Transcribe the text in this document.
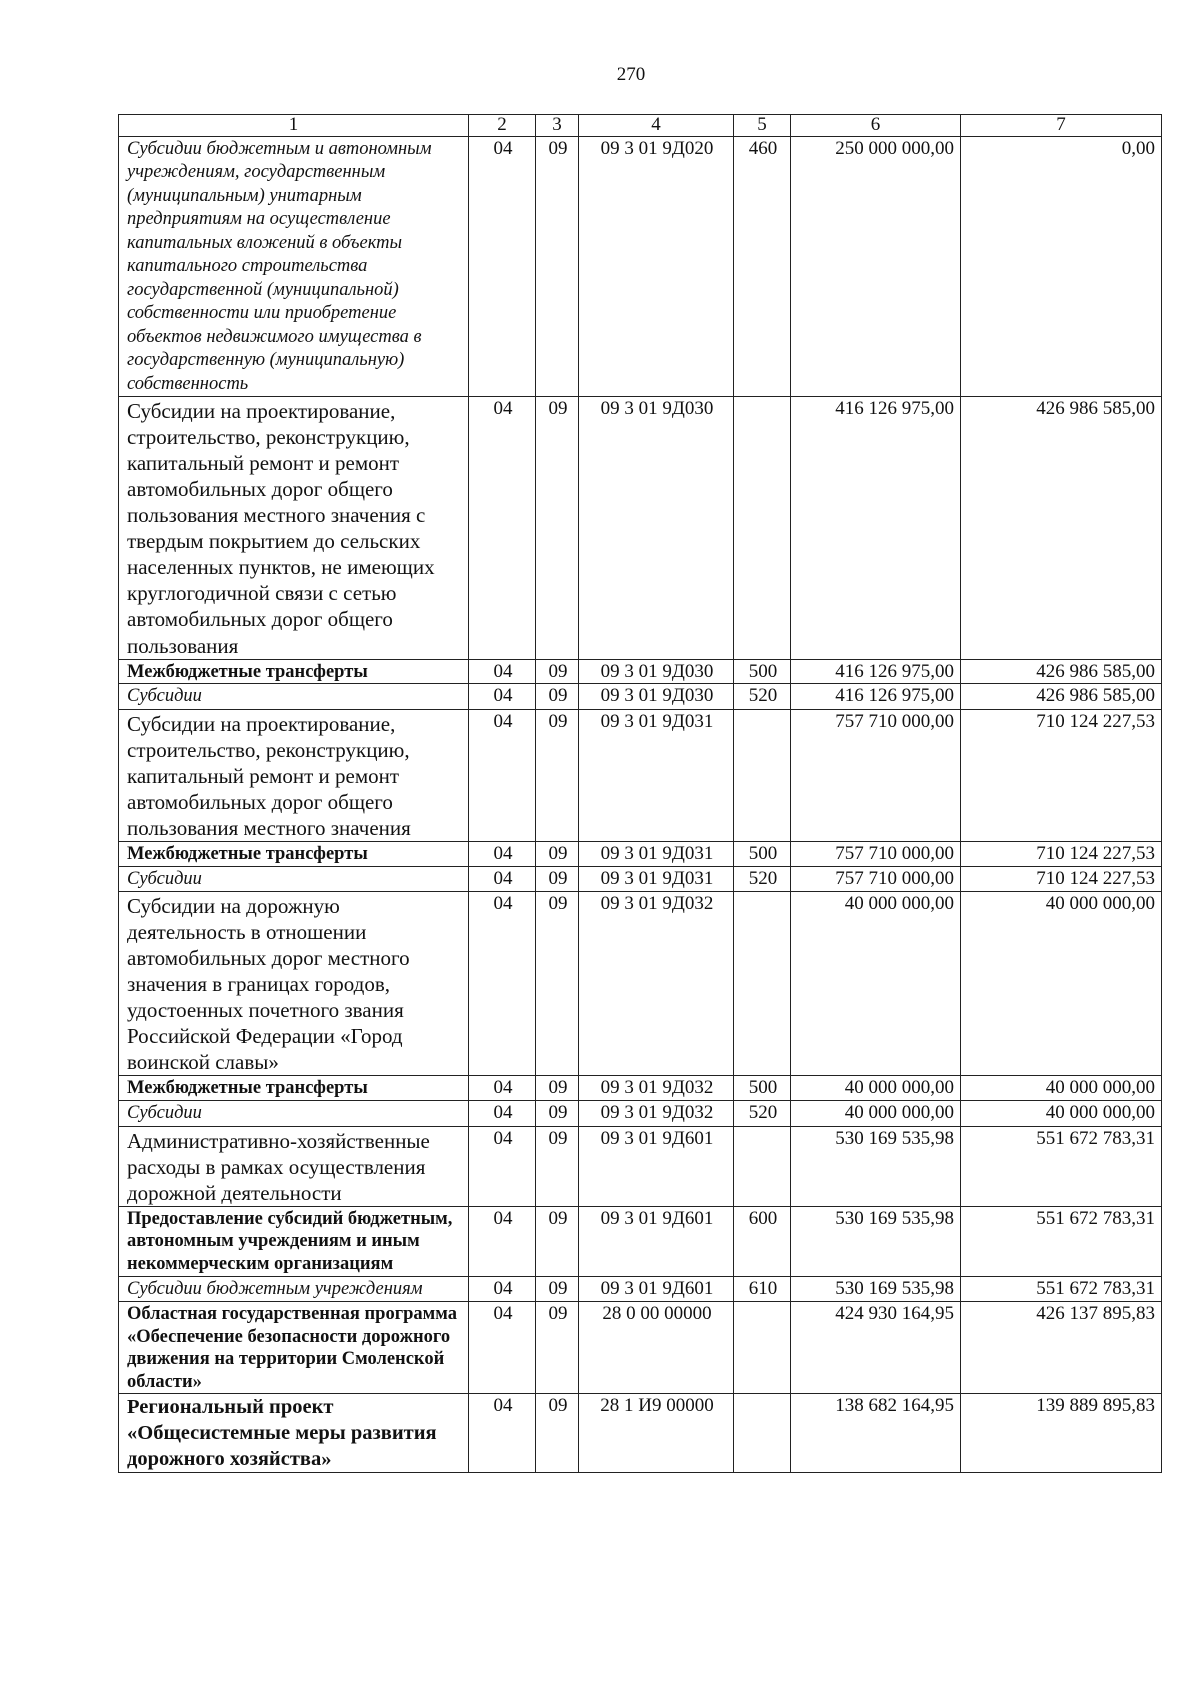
270
1	2	3	4	5	6	7
Субсидии бюджетным и автономным учреждениям, государственным (муниципальным) унитарным предприятиям на осуществление капитальных вложений в объекты капитального строительства государственной (муниципальной) собственности или приобретение объектов недвижимого имущества в государственную (муниципальную) собственность	04	09	09 3 01 9Д020	460	250 000 000,00	0,00
Субсидии на проектирование, строительство, реконструкцию, капитальный ремонт и ремонт автомобильных дорог общего пользования местного значения с твердым покрытием до сельских населенных пунктов, не имеющих круглогодичной связи с сетью автомобильных дорог общего пользования	04	09	09 3 01 9Д030		416 126 975,00	426 986 585,00
Межбюджетные трансферты	04	09	09 3 01 9Д030	500	416 126 975,00	426 986 585,00
Субсидии	04	09	09 3 01 9Д030	520	416 126 975,00	426 986 585,00
Субсидии на проектирование, строительство, реконструкцию, капитальный ремонт и ремонт автомобильных дорог общего пользования местного значения	04	09	09 3 01 9Д031		757 710 000,00	710 124 227,53
Межбюджетные трансферты	04	09	09 3 01 9Д031	500	757 710 000,00	710 124 227,53
Субсидии	04	09	09 3 01 9Д031	520	757 710 000,00	710 124 227,53
Субсидии на дорожную деятельность в отношении автомобильных дорог местного значения в границах городов, удостоенных почетного звания Российской Федерации «Город воинской славы»	04	09	09 3 01 9Д032		40 000 000,00	40 000 000,00
Межбюджетные трансферты	04	09	09 3 01 9Д032	500	40 000 000,00	40 000 000,00
Субсидии	04	09	09 3 01 9Д032	520	40 000 000,00	40 000 000,00
Административно-хозяйственные расходы в рамках осуществления дорожной деятельности	04	09	09 3 01 9Д601		530 169 535,98	551 672 783,31
Предоставление субсидий бюджетным, автономным учреждениям и иным некоммерческим организациям	04	09	09 3 01 9Д601	600	530 169 535,98	551 672 783,31
Субсидии бюджетным учреждениям	04	09	09 3 01 9Д601	610	530 169 535,98	551 672 783,31
Областная государственная программа «Обеспечение безопасности дорожного движения на территории Смоленской области»	04	09	28 0 00 00000		424 930 164,95	426 137 895,83
Региональный проект «Общесистемные меры развития дорожного хозяйства»	04	09	28 1 И9 00000		138 682 164,95	139 889 895,83
